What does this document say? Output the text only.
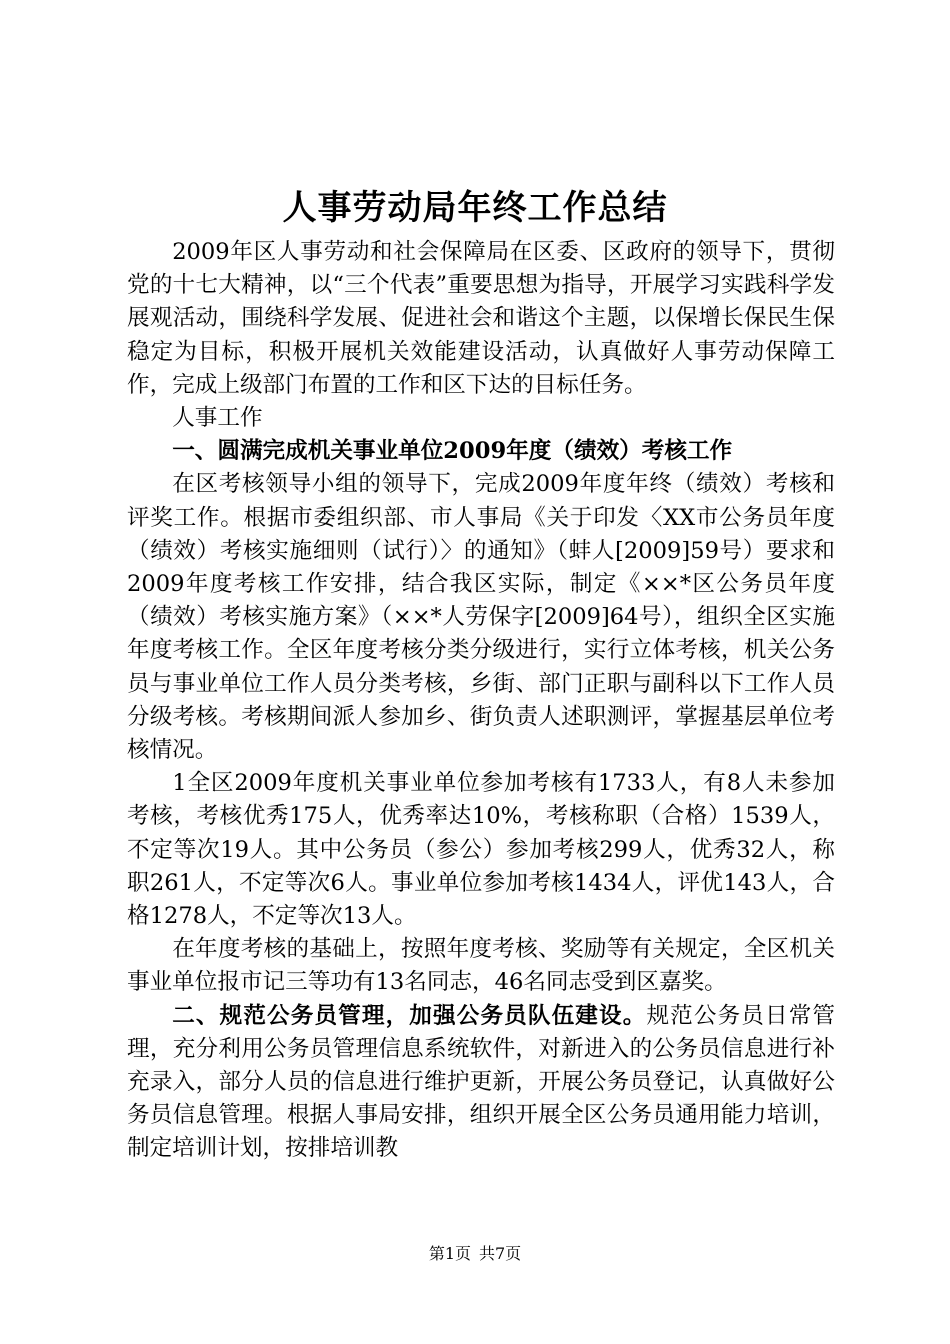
人事劳动局年终工作总结

2009年区人事劳动和社会保障局在区委、区政府的领导下，贯彻党的十七大精神，以“三个代表”重要思想为指导，开展学习实践科学发展观活动，围绕科学发展、促进社会和谐这个主题，以保增长保民生保稳定为目标，积极开展机关效能建设活动，认真做好人事劳动保障工作，完成上级部门布置的工作和区下达的目标任务。

人事工作

一、圆满完成机关事业单位2009年度（绩效）考核工作

在区考核领导小组的领导下，完成2009年度年终（绩效）考核和评奖工作。根据市委组织部、市人事局《关于印发〈XX市公务员年度（绩效）考核实施细则（试行）〉的通知》（蚌人[2009]59号）要求和2009年度考核工作安排，结合我区实际，制定《××*区公务员年度（绩效）考核实施方案》（××*人劳保字[2009]64号），组织全区实施年度考核工作。全区年度考核分类分级进行，实行立体考核，机关公务员与事业单位工作人员分类考核，乡街、部门正职与副科以下工作人员分级考核。考核期间派人参加乡、街负责人述职测评，掌握基层单位考核情况。

1全区2009年度机关事业单位参加考核有1733人，有8人未参加考核，考核优秀175人，优秀率达10%，考核称职（合格）1539人，不定等次19人。其中公务员（参公）参加考核299人，优秀32人，称职261人，不定等次6人。事业单位参加考核1434人，评优143人，合格1278人，不定等次13人。

在年度考核的基础上，按照年度考核、奖励等有关规定，全区机关事业单位报市记三等功有13名同志，46名同志受到区嘉奖。

二、规范公务员管理，加强公务员队伍建设。规范公务员日常管理，充分利用公务员管理信息系统软件，对新进入的公务员信息进行补充录入，部分人员的信息进行维护更新，开展公务员登记，认真做好公务员信息管理。根据人事局安排，组织开展全区公务员通用能力培训，制定培训计划，按排培训教

第1页 共7页
